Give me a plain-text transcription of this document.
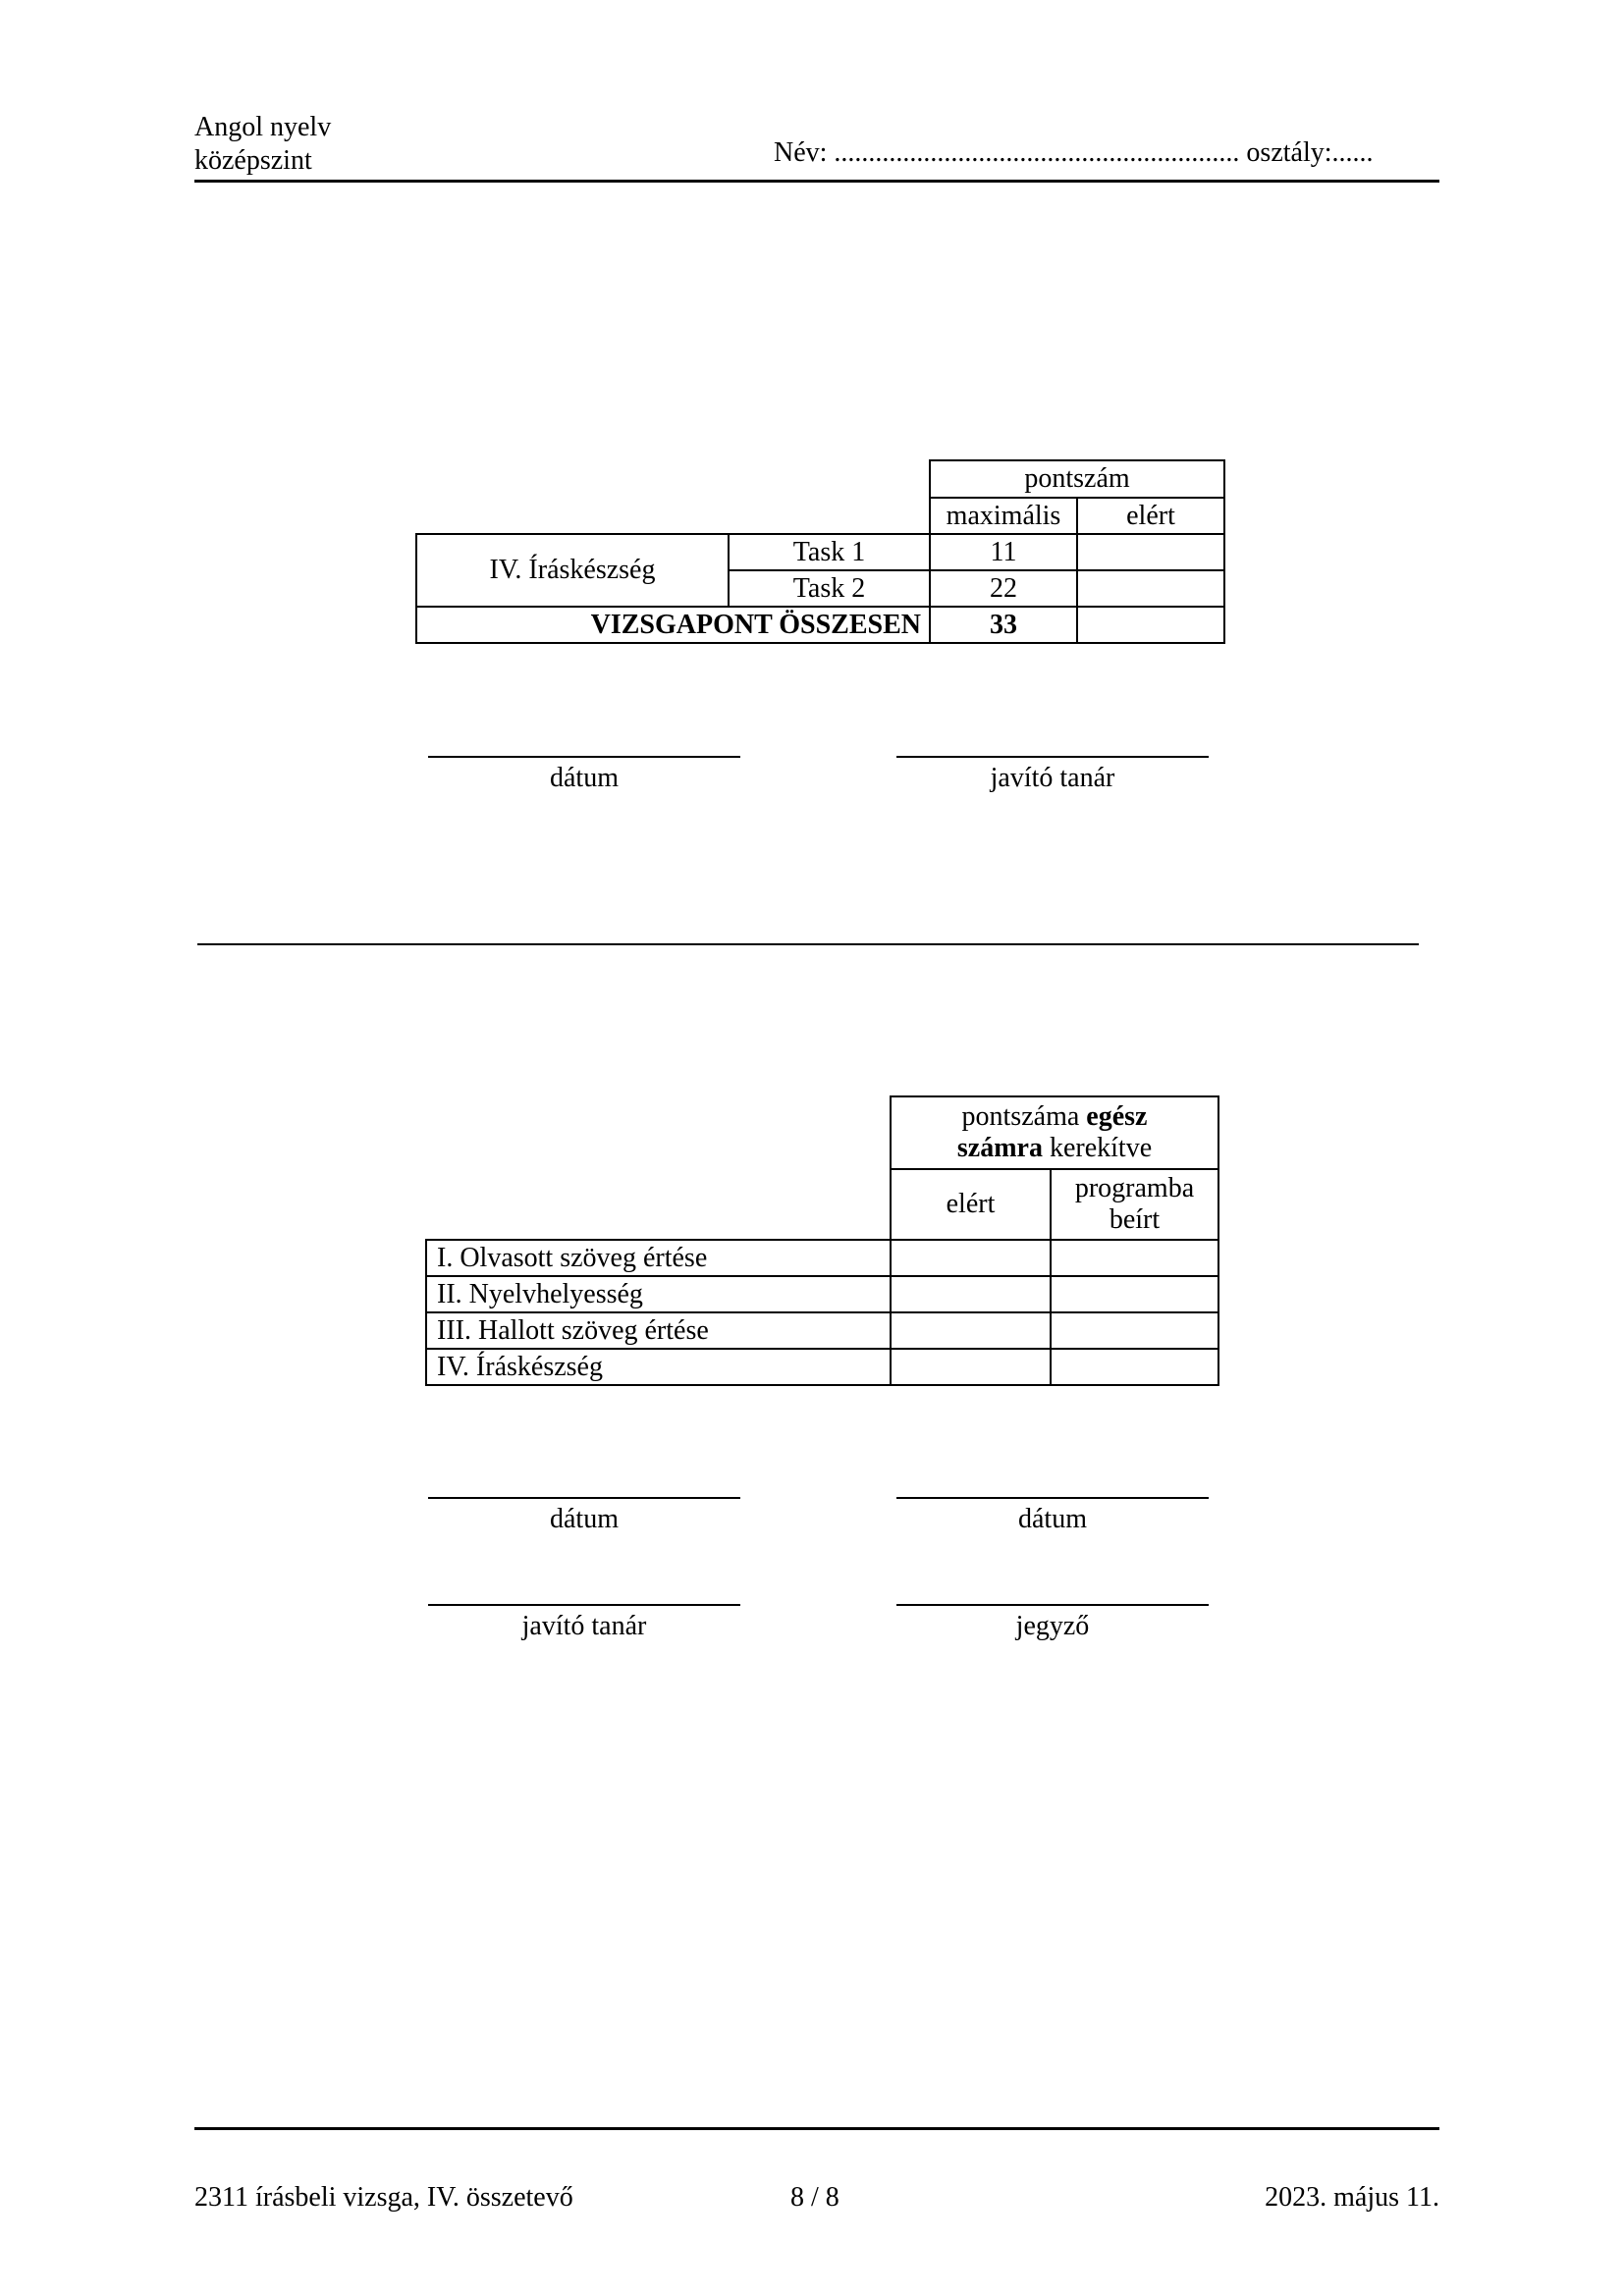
Angol nyelv
középszint	Név: ........................................................... osztály:......
		pontszám	
		maximális	elért
IV. Íráskészség	Task 1	11	
	Task 2	22	
VIZSGAPONT ÖSSZESEN		33	
dátum	javító tanár
	pontszáma egész
számra kerekítve	
	elért	programba beírt
I. Olvasott szöveg értése		
II. Nyelvhelyesség		
III. Hallott szöveg értése		
IV. Íráskészség		
dátum	dátum
javító tanár	jegyző
2311 írásbeli vizsga, IV. összetevő	8 / 8	2023. május 11.
